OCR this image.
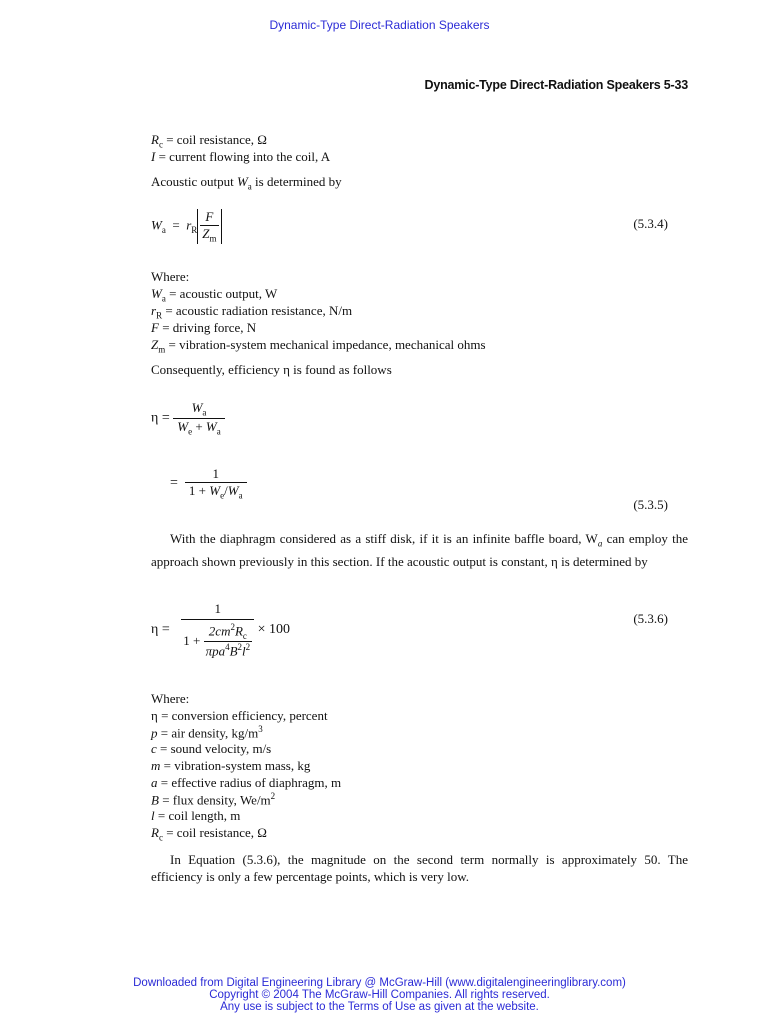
Dynamic-Type Direct-Radiation Speakers
Dynamic-Type Direct-Radiation Speakers 5-33
$R_c$ = coil resistance, Ω
I = current flowing into the coil, A
Acoustic output $W_a$ is determined by
$W_a = r_R \frac{F}{Z_m}$	(5.3.4)
Where:
$W_a$ = acoustic output, W
$r_R$ = acoustic radiation resistance, N/m
F = driving force, N
$Z_m$ = vibration-system mechanical impedance, mechanical ohms
Consequently, efficiency η is found as follows
$\eta = \frac{W_a}{W_e + W_a}$
= $\frac{1}{1 + W_e/W_a}$
(5.3.5)
With the diaphragm considered as a stiff disk, if it is an infinite baffle board, $W_a$ can employ the approach shown previously in this section. If the acoustic output is constant, η is determined by
$\eta = \frac{1}{1 + \frac{2cm^2R_c}{\pi pa^4B^2l^2}} \times 100$
(5.3.6)
Where:
η = conversion efficiency, percent
p = air density, $kg/m^3$
c = sound velocity, m/s
m = vibration-system mass, kg
a = effective radius of diaphragm, m
B = flux density, $We/m^2$
l = coil length, m
$R_c$ = coil resistance, Ω
In Equation (5.3.6), the magnitude on the second term normally is approximately 50. The efficiency is only a few percentage points, which is very low.
Downloaded from Digital Engineering Library @ McGraw-Hill (www.digitalengineeringlibrary.com)
Copyright © 2004 The McGraw-Hill Companies. All rights reserved.
Any use is subject to the Terms of Use as given at the website.
